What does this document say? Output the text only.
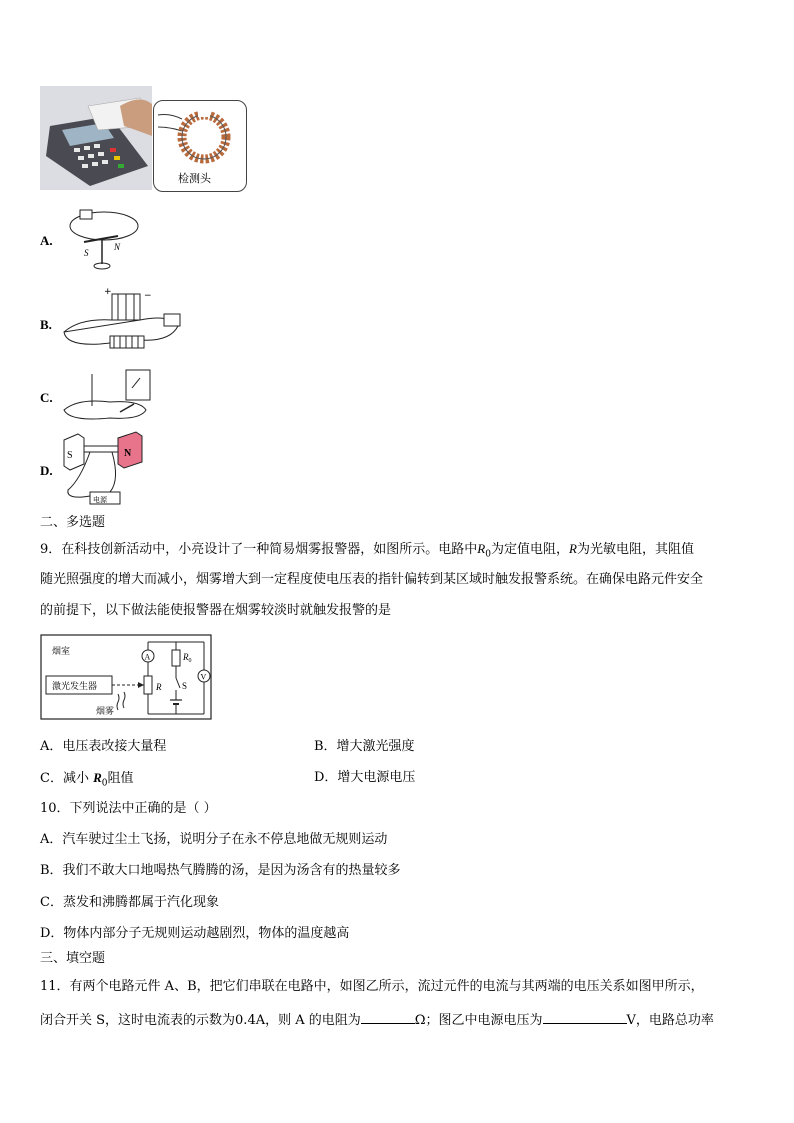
检测头
A.
S
N
B.
+	−
C.
D.
S	N
电源
二、多选题
9．在科技创新活动中，小亮设计了一种简易烟雾报警器，如图所示。电路中$R_0$为定值电阻，R为光敏电阻，其阻值
随光照强度的增大而减小，烟雾增大到一定程度使电压表的指针偏转到某区域时触发报警系统。在确保电路元件安全
的前提下，以下做法能使报警器在烟雾较淡时就触发报警的是
烟室
激光发生器
烟雾
R
A	$R_0$
S
V
A．电压表改接大量程	B．增大激光强度
C．减小 $R_0$阻值	D．增大电源电压
10．下列说法中正确的是（ ）
A．汽车驶过尘土飞扬，说明分子在永不停息地做无规则运动
B．我们不敢大口地喝热气腾腾的汤，是因为汤含有的热量较多
C．蒸发和沸腾都属于汽化现象
D．物体内部分子无规则运动越剧烈，物体的温度越高
三、填空题
11．有两个电路元件 A、B，把它们串联在电路中，如图乙所示，流过元件的电流与其两端的电压关系如图甲所示，
闭合开关 S，这时电流表的示数为0.4A，则 A 的电阻为	Ω；图乙中电源电压为	V，电路总功率
